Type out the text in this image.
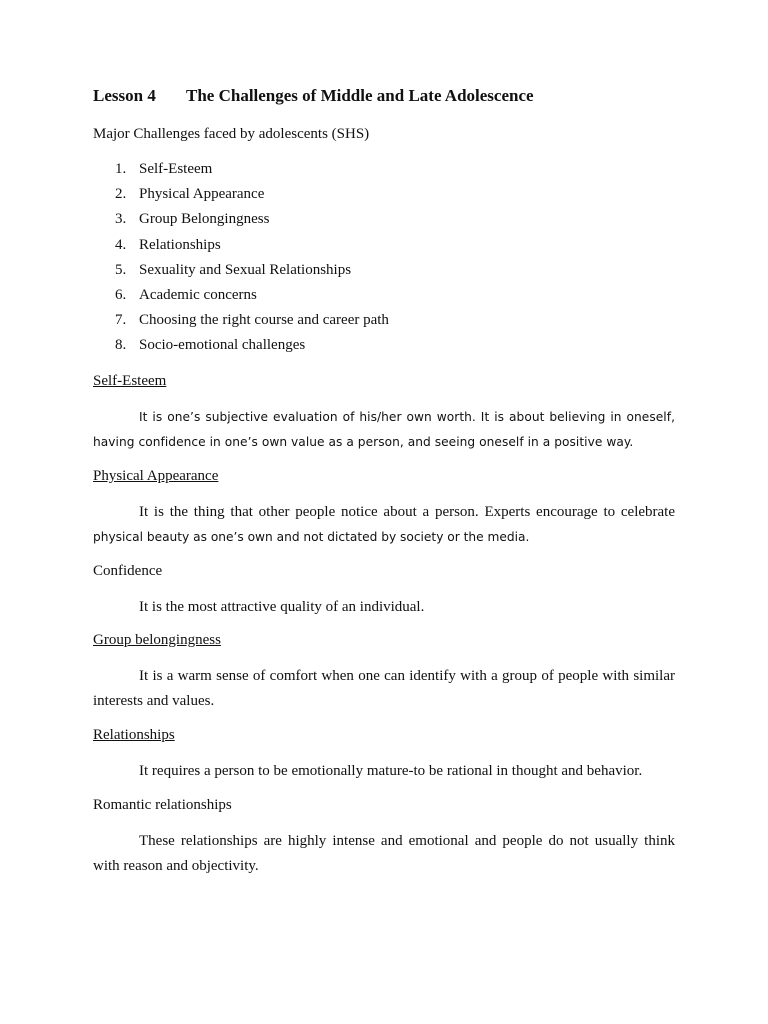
Lesson 4 The Challenges of Middle and Late Adolescence
Major Challenges faced by adolescents (SHS)
1. Self-Esteem
2. Physical Appearance
3. Group Belongingness
4. Relationships
5. Sexuality and Sexual Relationships
6. Academic concerns
7. Choosing the right course and career path
8. Socio-emotional challenges
Self-Esteem

It is one’s subjective evaluation of his/her own worth. It is about believing in oneself, having confidence in one’s own value as a person, and seeing oneself in a positive way.

Physical Appearance

It is the thing that other people notice about a person. Experts encourage to celebrate physical beauty as one’s own and not dictated by society or the media.

Confidence

It is the most attractive quality of an individual.

Group belongingness

It is a warm sense of comfort when one can identify with a group of people with similar interests and values.

Relationships

It requires a person to be emotionally mature-to be rational in thought and behavior.

Romantic relationships

These relationships are highly intense and emotional and people do not usually think with reason and objectivity.
